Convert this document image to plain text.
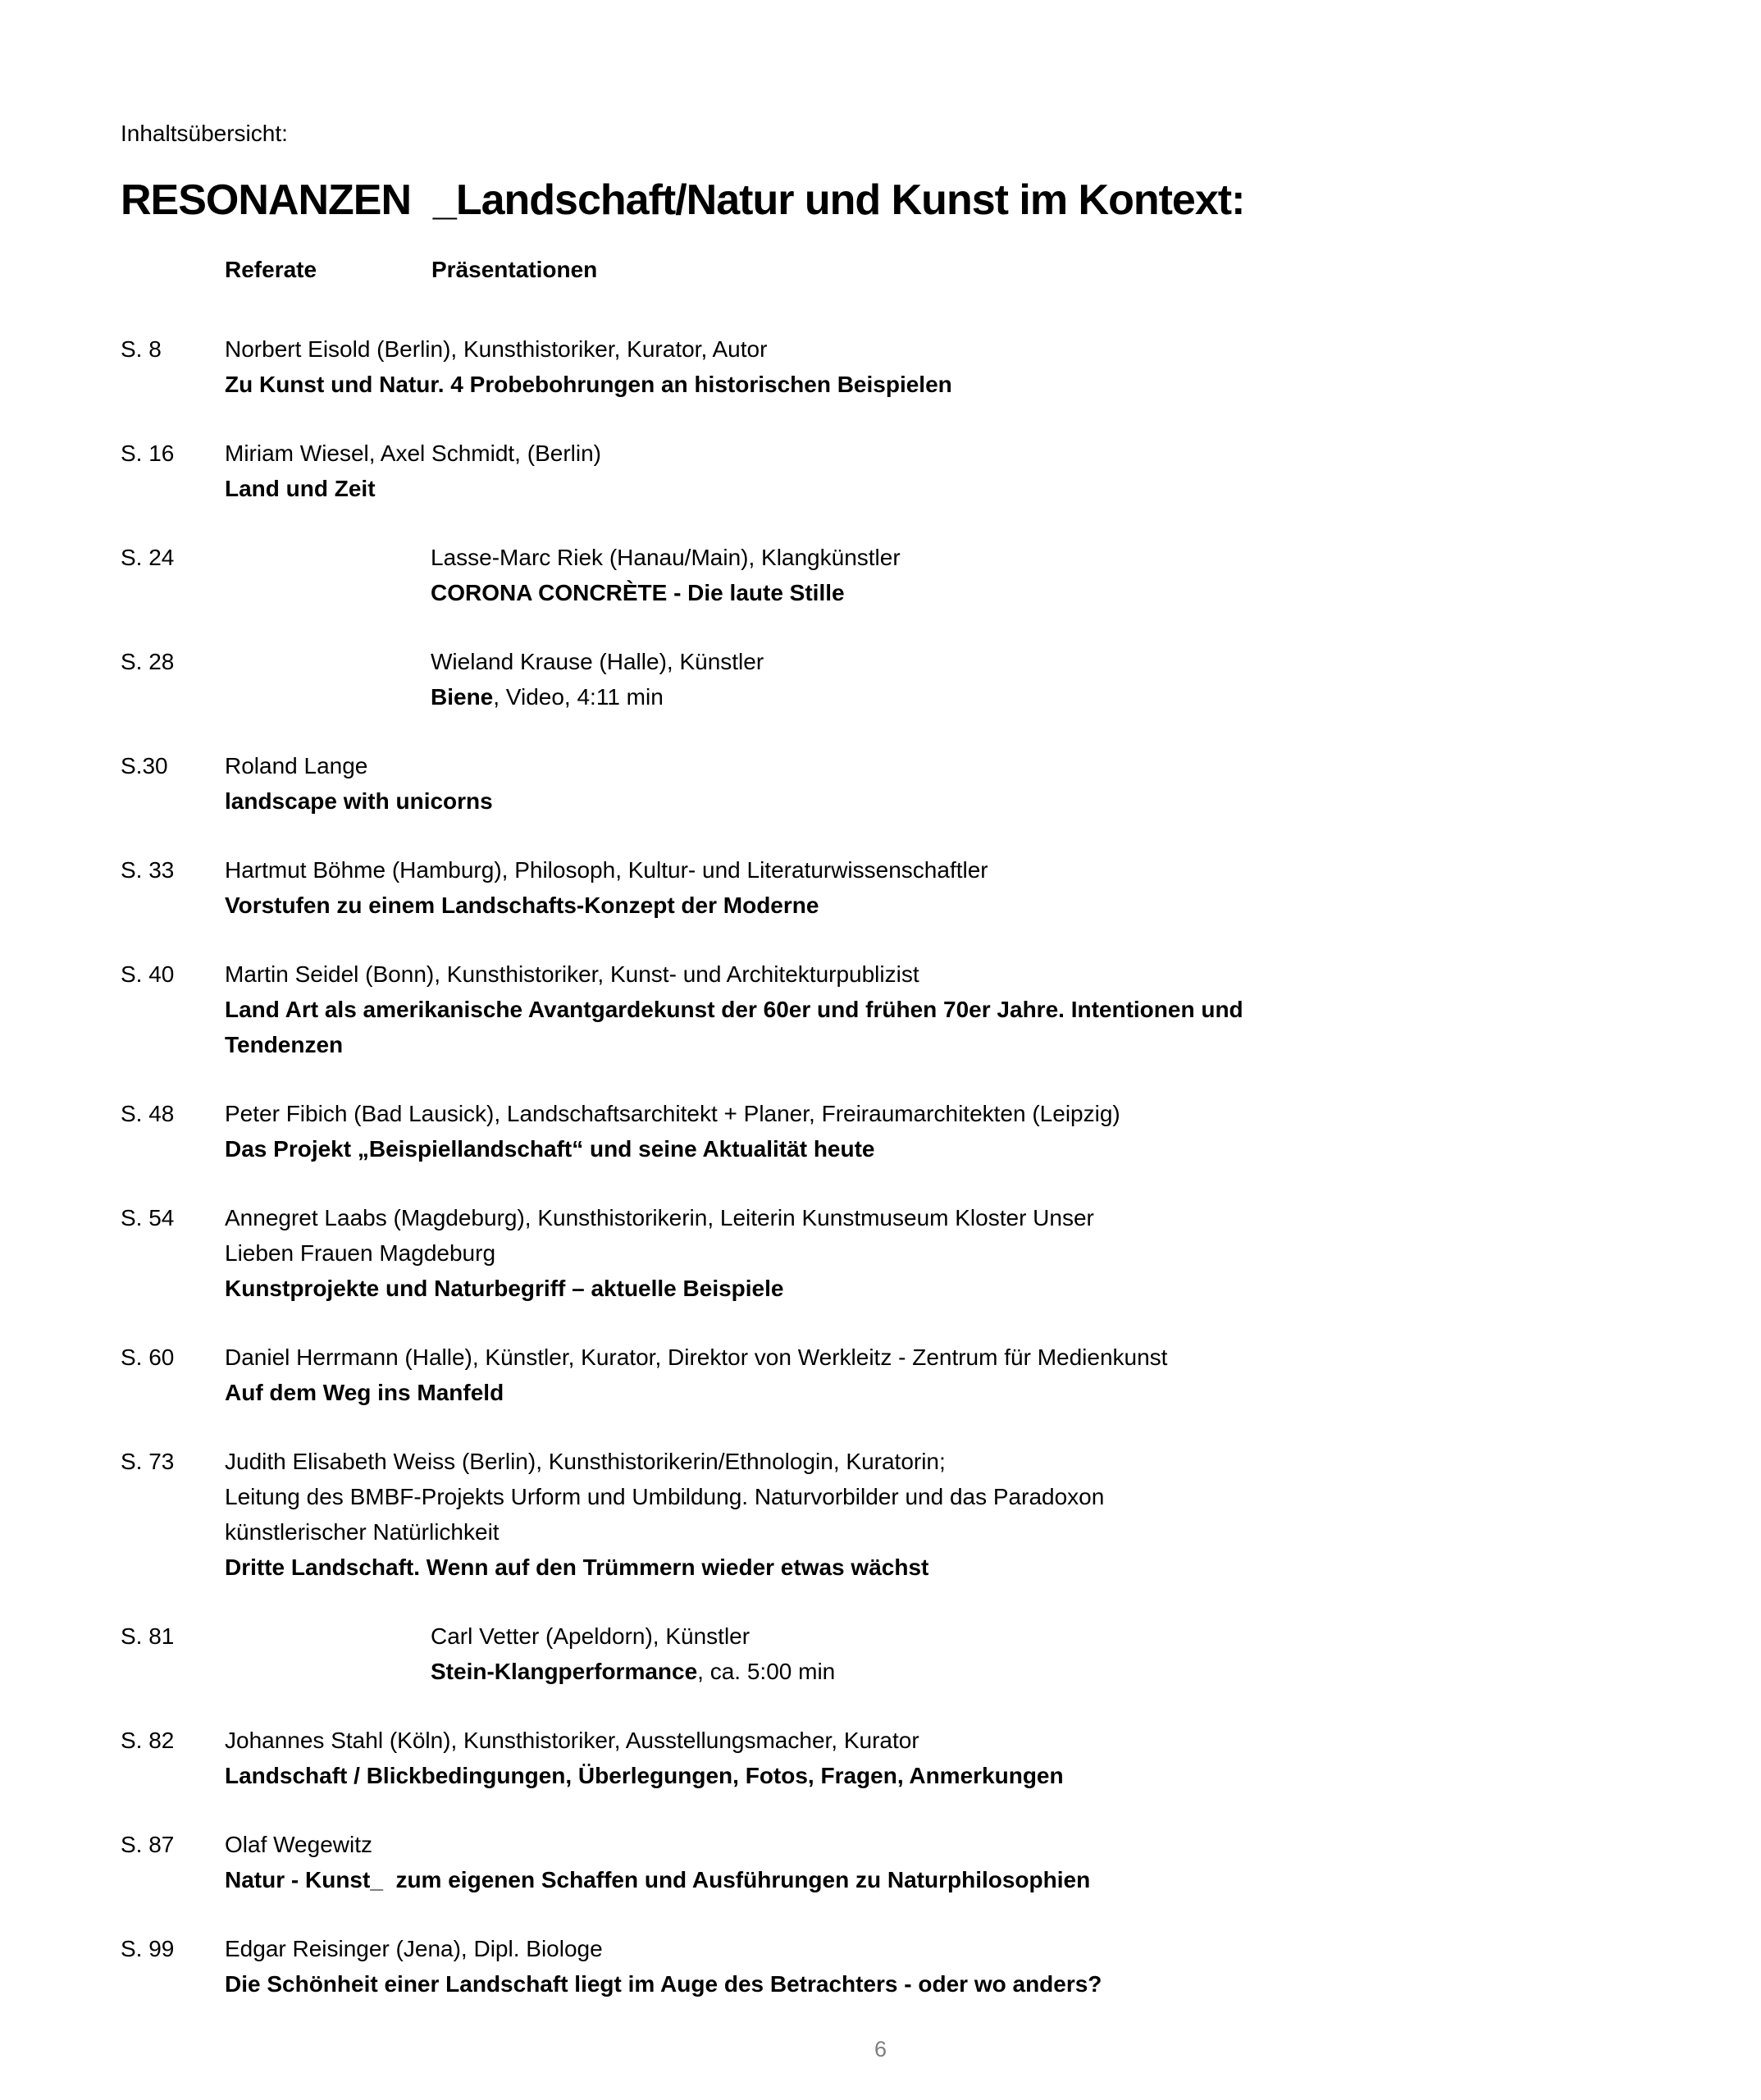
Inhaltsübersicht:
RESONANZEN  _Landschaft/Natur und Kunst im Kontext:
Referate	Präsentationen
S. 8	Norbert Eisold (Berlin), Kunsthistoriker, Kurator, Autor
Zu Kunst und Natur. 4 Probebohrungen an historischen Beispielen
S. 16 Miriam Wiesel, Axel Schmidt, (Berlin)
Land und Zeit
S. 24	Lasse-Marc Riek (Hanau/Main), Klangkünstler
CORONA CONCRÈTE - Die laute Stille
S. 28	Wieland Krause (Halle), Künstler
Biene, Video, 4:11 min
S.30 Roland Lange
landscape with unicorns
S. 33 Hartmut Böhme (Hamburg), Philosoph, Kultur- und Literaturwissenschaftler
Vorstufen zu einem Landschafts-Konzept der Moderne
S. 40 Martin Seidel (Bonn), Kunsthistoriker, Kunst- und Architekturpublizist
Land Art als amerikanische Avantgardekunst der 60er und frühen 70er Jahre. Intentionen und
Tendenzen
S. 48 Peter Fibich (Bad Lausick), Landschaftsarchitekt + Planer, Freiraumarchitekten (Leipzig)
Das Projekt „Beispiellandschaft“ und seine Aktualität heute
S. 54 Annegret Laabs (Magdeburg), Kunsthistorikerin, Leiterin Kunstmuseum Kloster Unser
Lieben Frauen Magdeburg
Kunstprojekte und Naturbegriff – aktuelle Beispiele
S. 60 Daniel Herrmann (Halle), Künstler, Kurator, Direktor von Werkleitz - Zentrum für Medienkunst
Auf dem Weg ins Manfeld
S. 73 Judith Elisabeth Weiss (Berlin), Kunsthistorikerin/Ethnologin, Kuratorin;
Leitung des BMBF-Projekts Urform und Umbildung. Naturvorbilder und das Paradoxon
künstlerischer Natürlichkeit
Dritte Landschaft. Wenn auf den Trümmern wieder etwas wächst
S. 81	Carl Vetter (Apeldorn), Künstler
Stein-Klangperformance, ca. 5:00 min
S. 82 Johannes Stahl (Köln), Kunsthistoriker, Ausstellungsmacher, Kurator
Landschaft / Blickbedingungen, Überlegungen, Fotos, Fragen, Anmerkungen
S. 87 Olaf Wegewitz
Natur - Kunst_  zum eigenen Schaffen und Ausführungen zu Naturphilosophien
S. 99 Edgar Reisinger (Jena), Dipl. Biologe
Die Schönheit einer Landschaft liegt im Auge des Betrachters - oder wo anders?
6
